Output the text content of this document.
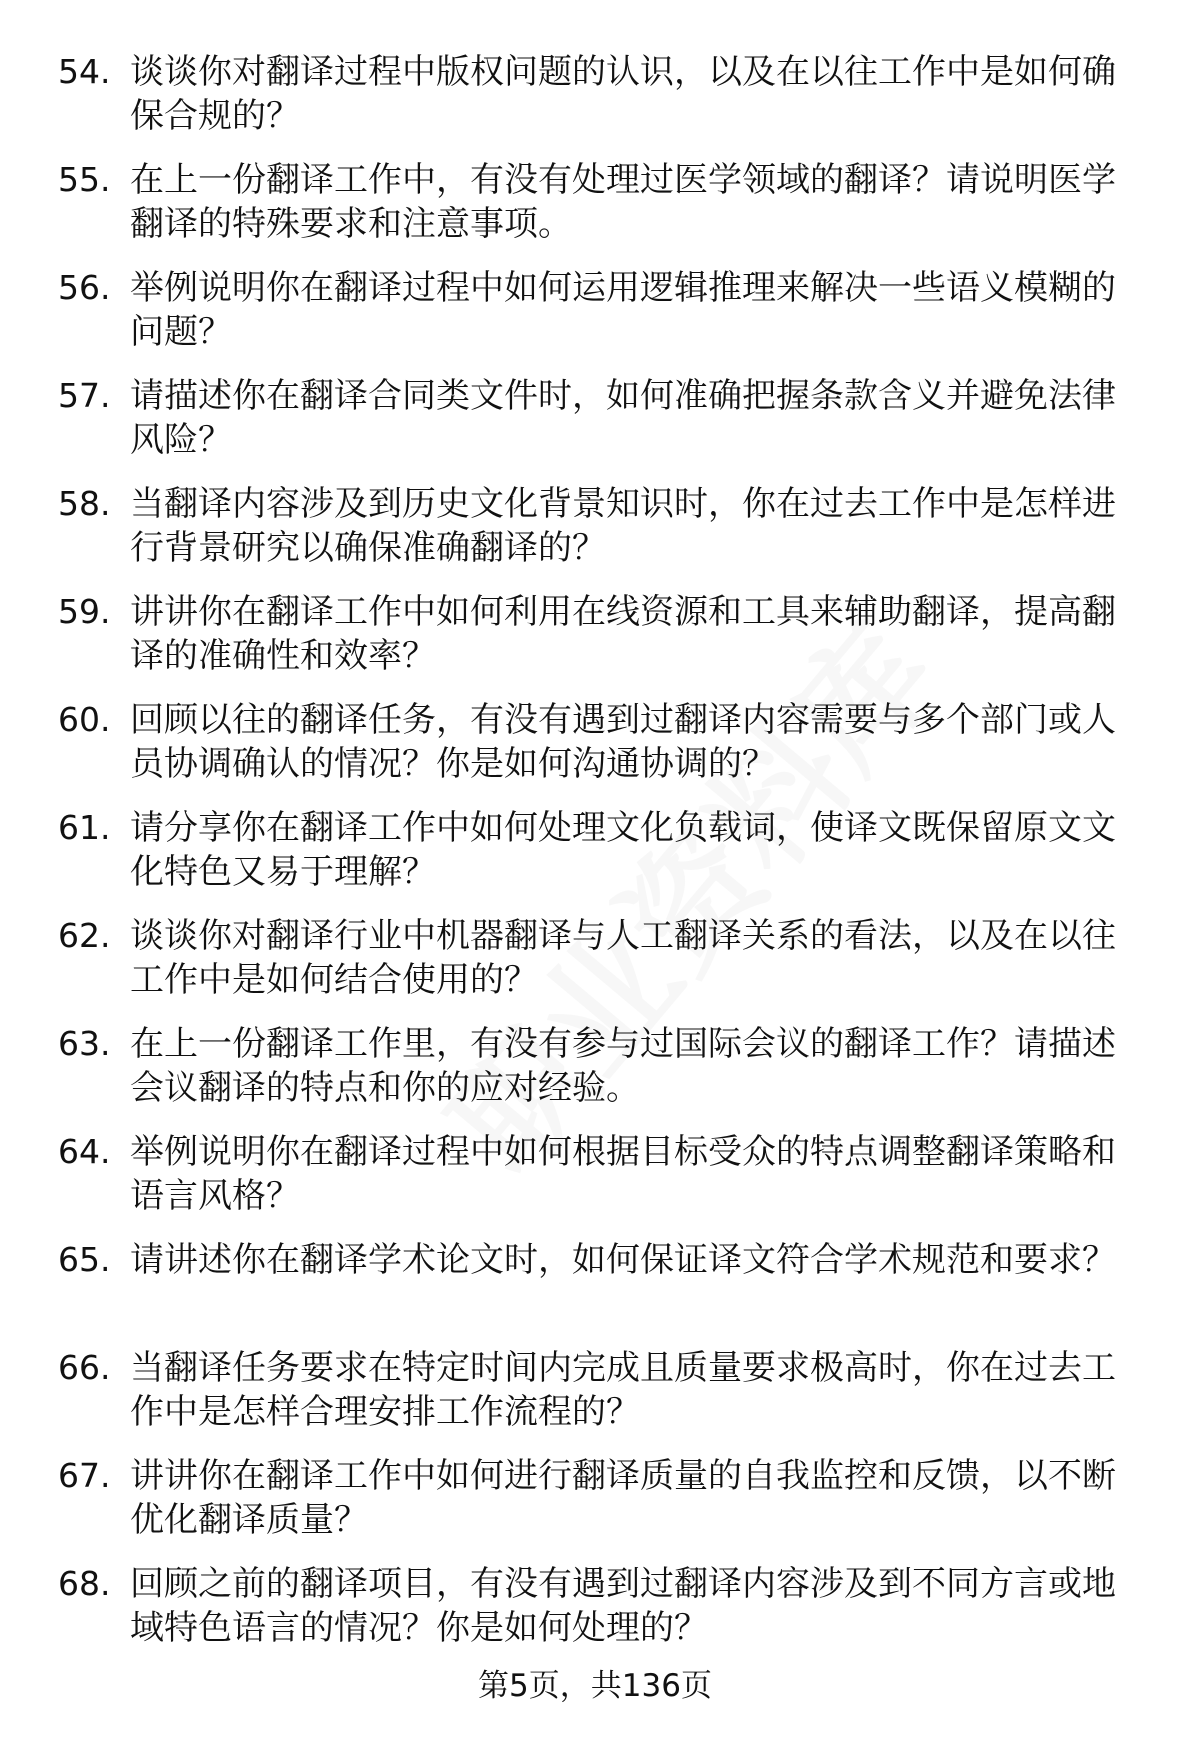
54. 谈谈你对翻译过程中版权问题的认识，以及在以往工作中是如何确保合规的？
55. 在上一份翻译工作中，有没有处理过医学领域的翻译？请说明医学翻译的特殊要求和注意事项。
56. 举例说明你在翻译过程中如何运用逻辑推理来解决一些语义模糊的问题？
57. 请描述你在翻译合同类文件时，如何准确把握条款含义并避免法律风险？
58. 当翻译内容涉及到历史文化背景知识时，你在过去工作中是怎样进行背景研究以确保准确翻译的？
59. 讲讲你在翻译工作中如何利用在线资源和工具来辅助翻译，提高翻译的准确性和效率？
60. 回顾以往的翻译任务，有没有遇到过翻译内容需要与多个部门或人员协调确认的情况？你是如何沟通协调的？
61. 请分享你在翻译工作中如何处理文化负载词，使译文既保留原文文化特色又易于理解？
62. 谈谈你对翻译行业中机器翻译与人工翻译关系的看法，以及在以往工作中是如何结合使用的？
63. 在上一份翻译工作里，有没有参与过国际会议的翻译工作？请描述会议翻译的特点和你的应对经验。
64. 举例说明你在翻译过程中如何根据目标受众的特点调整翻译策略和语言风格？
65. 请讲述你在翻译学术论文时，如何保证译文符合学术规范和要求？
66. 当翻译任务要求在特定时间内完成且质量要求极高时，你在过去工作中是怎样合理安排工作流程的？
67. 讲讲你在翻译工作中如何进行翻译质量的自我监控和反馈，以不断优化翻译质量？
68. 回顾之前的翻译项目，有没有遇到过翻译内容涉及到不同方言或地域特色语言的情况？你是如何处理的？
第5页，共136页
